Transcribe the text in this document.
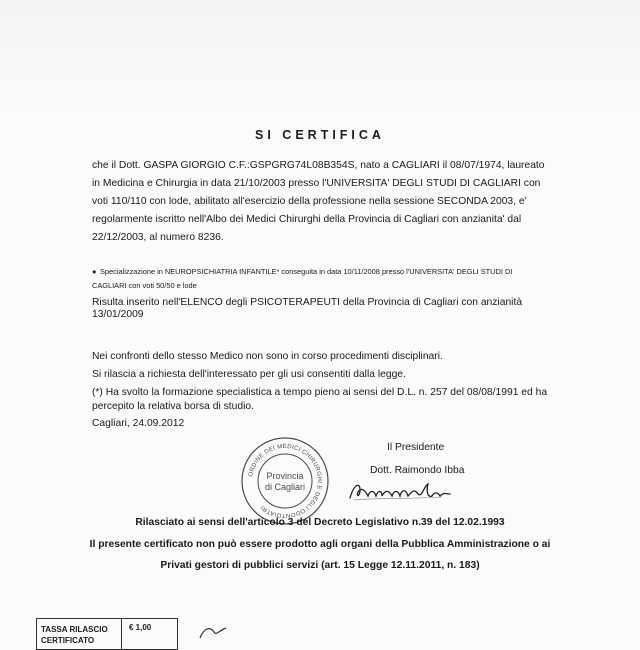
SI CERTIFICA
che il Dott. GASPA GIORGIO C.F.:GSPGRG74L08B354S, nato a CAGLIARI il 08/07/1974, laureato
in Medicina e Chirurgia in data 21/10/2003 presso l'UNIVERSITA' DEGLI STUDI DI CAGLIARI con
voti 110/110 con lode, abilitato all'esercizio della professione nella sessione SECONDA 2003, e'
regolarmente iscritto nell'Albo dei Medici Chirurghi della Provincia di Cagliari con anzianita' dal
22/12/2003, al numero 8236.
● Specializzazione in NEUROPSICHIATRIA INFANTILE* conseguita in data 10/11/2008 presso l'UNIVERSITA' DEGLI STUDI DI
CAGLIARI con voti 50/50 e lode
Risulta inserito nell'ELENCO degli PSICOTERAPEUTI della Provincia di Cagliari con anzianità
13/01/2009
Nei confronti dello stesso Medico non sono in corso procedimenti disciplinari.
Si rilascia a richiesta dell'interessato per gli usi consentiti dalla legge.
(*) Ha svolto la formazione specialistica a tempo pieno ai sensi del D.L. n. 257 del 08/08/1991 ed ha
percepito la relativa borsa di studio.
Cagliari, 24.09.2012
ORDINE DEI MEDICI CHIRURGHI E DEGLI ODONTOIATRI
Provincia
di Cagliari
Il Presidente
Dott. Raimondo Ibba
Rilasciato ai sensi dell'articolo 3 del Decreto Legislativo n.39 del 12.02.1993
Il presente certificato non può essere prodotto agli organi della Pubblica Amministrazione o ai
Privati gestori di pubblici servizi (art. 15 Legge 12.11.2011, n. 183)
TASSA RILASCIO
CERTIFICATO
€ 1,00
